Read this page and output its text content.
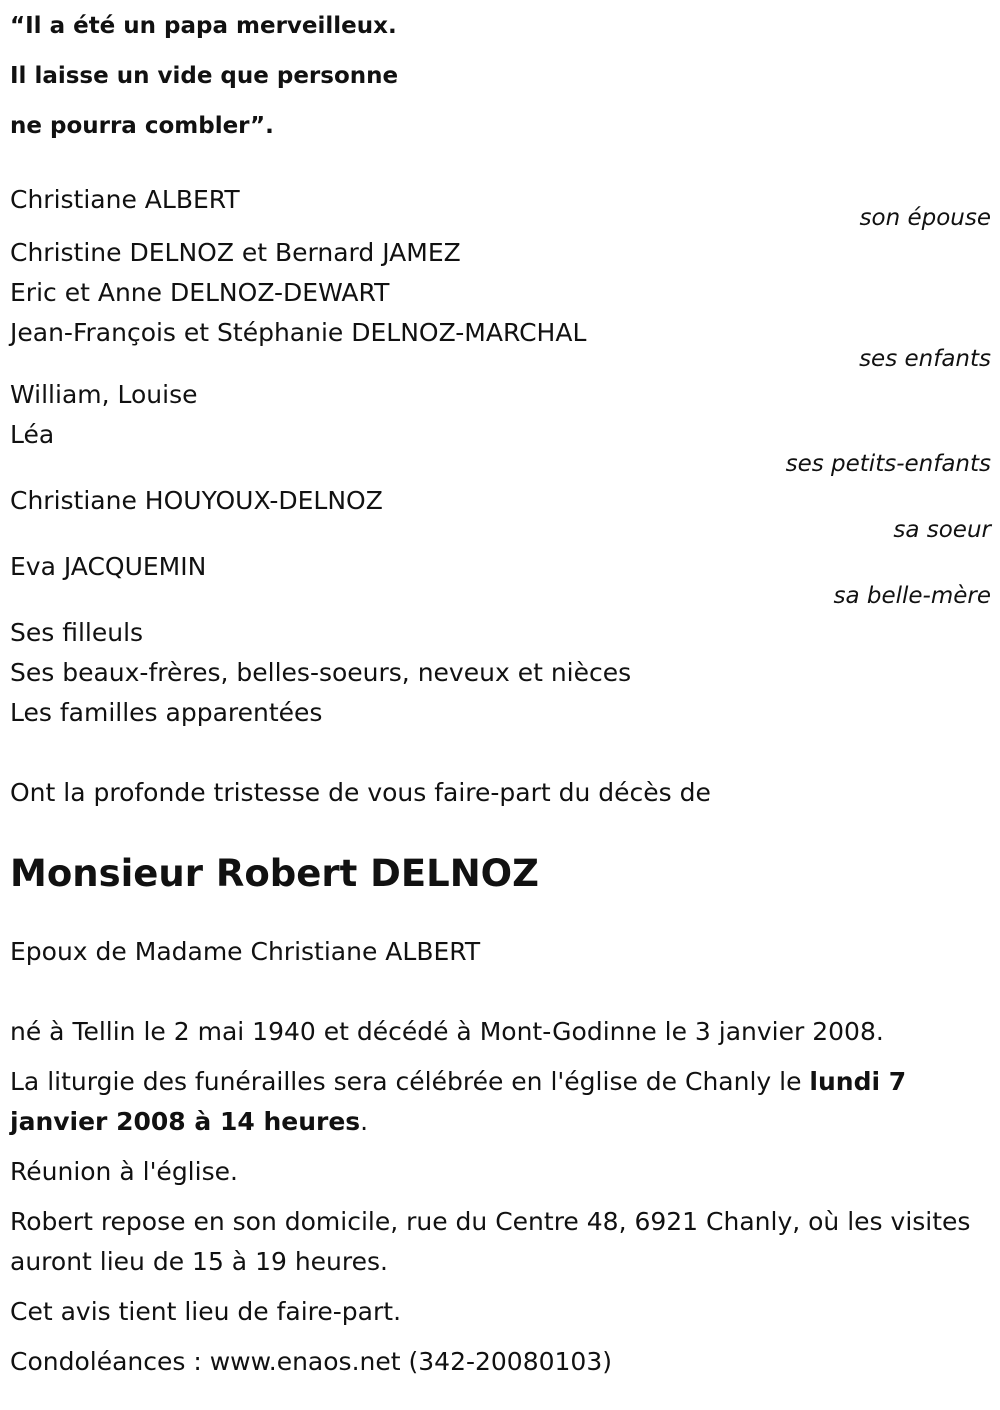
“Il a été un papa merveilleux.
Il laisse un vide que personne
ne pourra combler”.
Christiane ALBERT
son épouse
Christine DELNOZ et Bernard JAMEZ
Eric et Anne DELNOZ-DEWART
Jean-François et Stéphanie DELNOZ-MARCHAL
ses enfants
William, Louise
Léa
ses petits-enfants
Christiane HOUYOUX-DELNOZ
sa soeur
Eva JACQUEMIN
sa belle-mère
Ses filleuls
Ses beaux-frères, belles-soeurs, neveux et nièces
Les familles apparentées
Ont la profonde tristesse de vous faire-part du décès de
Monsieur Robert DELNOZ
Epoux de Madame Christiane ALBERT
né à Tellin le 2 mai 1940 et décédé à Mont-Godinne le 3 janvier 2008.
La liturgie des funérailles sera célébrée en l'église de Chanly le lundi 7 janvier 2008 à 14 heures.
Réunion à l'église.
Robert repose en son domicile, rue du Centre 48, 6921 Chanly, où les visites auront lieu de 15 à 19 heures.
Cet avis tient lieu de faire-part.
Condoléances : www.enaos.net (342-20080103)
